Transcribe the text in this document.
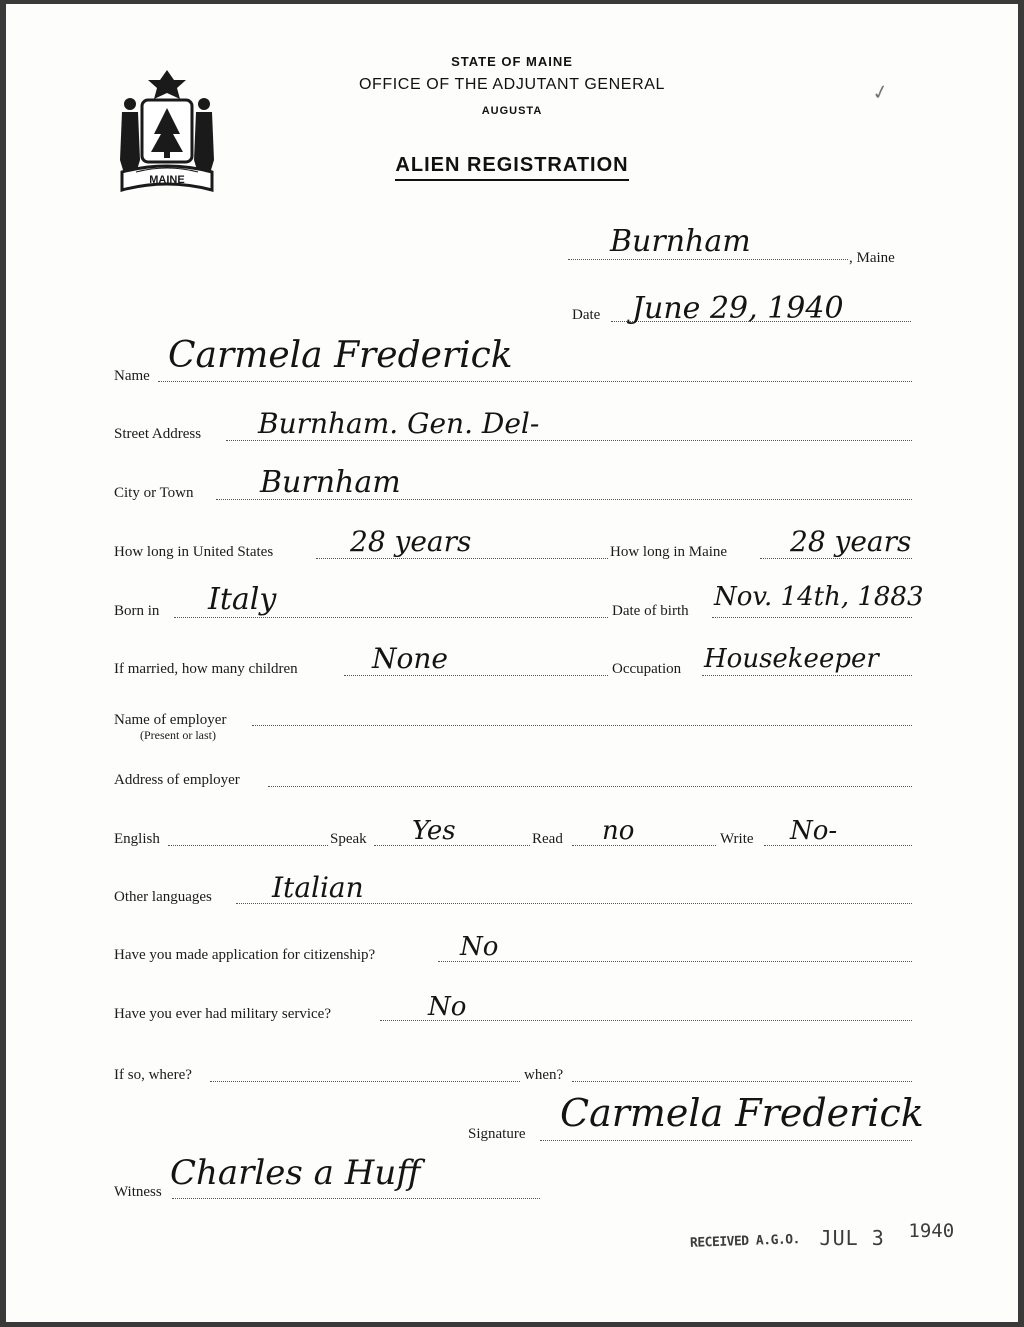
STATE OF MAINE
OFFICE OF THE ADJUTANT GENERAL
AUGUSTA
ALIEN REGISTRATION
MAINE
✓
Burnham	, Maine
Date June 29, 1940
Name Carmela Frederick
Street Address Burnham. Gen. Del-
City or Town Burnham
How long in United States	28 years	How long in Maine 28 years
Born in Italy	Date of birth Nov. 14th, 1883
If married, how many children	None	Occupation Housekeeper
Name of employer
(Present or last)
Address of employer
English	Speak Yes	Read no	Write No-
Other languages Italian
Have you made application for citizenship?	No
Have you ever had military service?	No
If so, where?	when?
Signature Carmela Frederick
Witness Charles a Huff
RECEIVED A.G.O. JUL 3 1940
